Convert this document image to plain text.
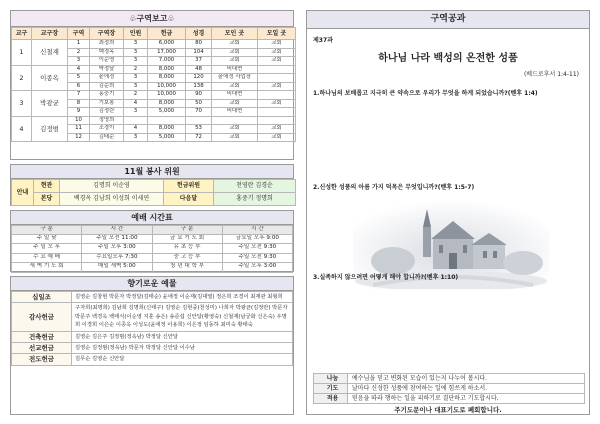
♧구역보고♧
교구	교구장	구역	구역장	인원	헌금	성경	모인 곳	모일 곳
1	신철재	1	최정희	3	6,000	80	교회	교회
		2	백경옥	3	17,000	104	교회	교회
		3	이순영	3	7,000	37	교회	교회
2	이종옥	4	박정달	2	8,000	48	비대면	
		5	윤애정	3	8,000	120	윤애정 사업장	
		6	김순희	3	10,000	138	교회	교회
3	박광균	7	홍중기	2	10,000	90	비대면	
		8	기보봉	4	8,000	50	교회	교회
		9	김정란	3	5,000	70	비대면	
4	김정범	10	정영희					
		11	조경이	4	8,000	53	교회	교회
		12	김태순	3	5,000	72	교회	교회
11월 봉사 위원
안내	현관	김명희 이순영	헌금위원	천영란 김경순
	본당	백경옥 김남희 이성희 이세연	다음달	홍중기 정명희
예배 시간표
구 분	시 간	구 분	시 간
주 일 낮	주일 오전 11:00	금 요 기 도 회	금요일 오후 9:00
주 일 오 후	주일 오후 3:00	유 초 등 부	주일 오전 9:30
수 요 예 배	수요일오후 7:30	중 고 등 부	주일 오전 9:30
새 벽 기 도 회	매일 새벽 5:00	청 년 대 학 부	주일 오후 3:00
향기로운 예물
십일조	김영순 김창현 박문자 박정달(김태순) 윤애정 이순재(김대열) 정은희 조경이 최재관 최형희
감사헌금	구자희(최명희) 김남희 김명희(신태구) 김영순 김현중(천성미) 나희자 박광균(김정란) 박문자 박문주 백경옥 백태식(이순영 지훈 송은) 송준섭 신안달(황영숙) 신철재(남궁화 신은숙) 우명희 이경희 이은순 이종옥 이성도(윤애정 이용희) 이은정 임동하 최미숙 황태숙
건축헌금	김영순 김은주 김정범(정옥남) 박정달 신안달
선교헌금	김영순 김정범(정옥남) 박문자 박정달 신안달 이수남
전도헌금	김무순 김영순 신안달
구역공과
제37과
하나님 나라 백성의 온전한 성품
(베드로후서 1:4-11)
1.하나님의 보배롭고 지극히 큰 약속으로 우리가 무엇을 하게 되었습니까?(벧후 1:4)
2.신성한 성품의 아름 가지 덕목은 무엇입니까?(벧후 1:5-7)
3.실족하지 않으려면 어떻게 해야 합니까?(벧후 1:10)
나눔	예수님을 믿고 변화된 모습이 있는지 나누어 봅시다.
기도	날마다 신성한 성품에 참여하는 일에 힘쓰게 하소서.
적용	믿음을 따라 행하는 일을 피하기로 결단하고 기도합시다.
주기도문이나 대표기도로 폐회합니다.
